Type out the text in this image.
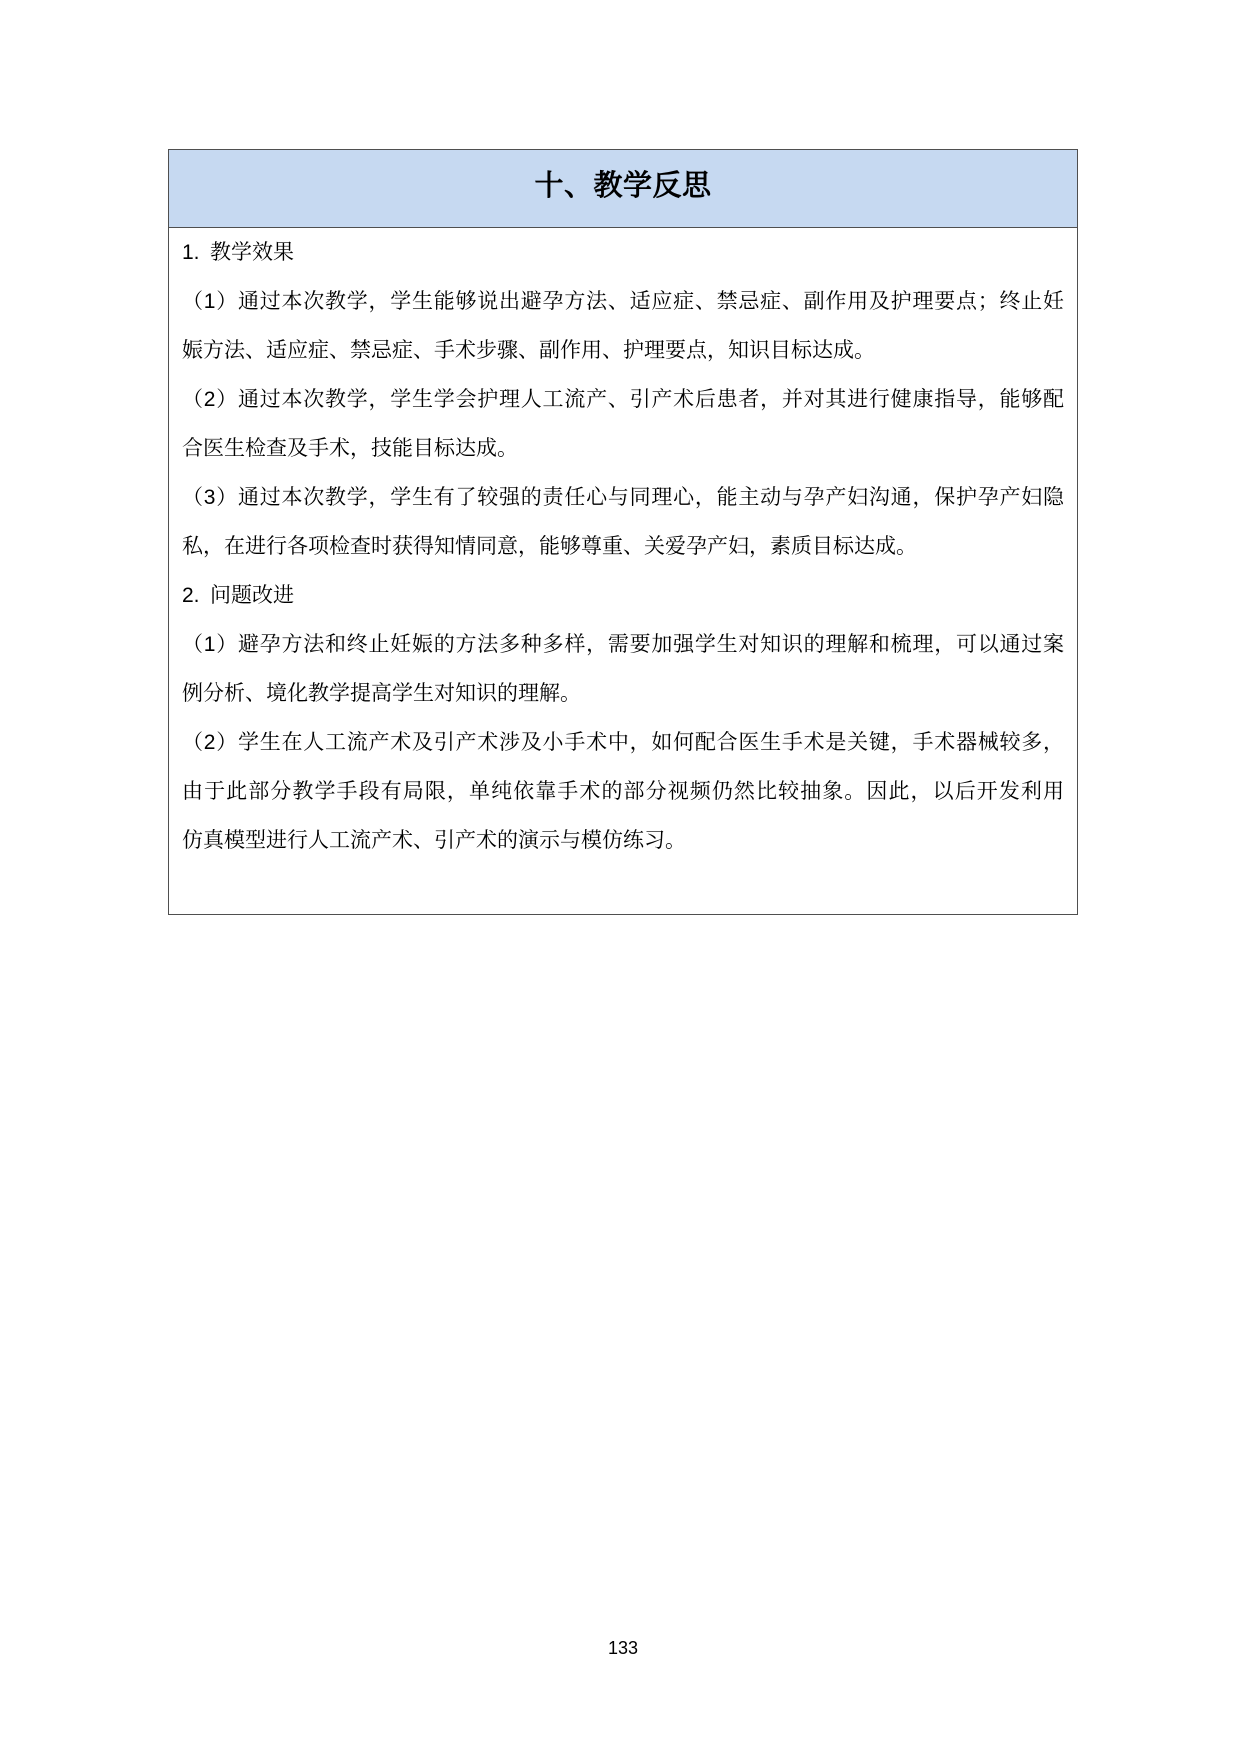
十、教学反思
1. 教学效果
（1）通过本次教学，学生能够说出避孕方法、适应症、禁忌症、副作用及护理要点；终止妊
娠方法、适应症、禁忌症、手术步骤、副作用、护理要点，知识目标达成。
（2）通过本次教学，学生学会护理人工流产、引产术后患者，并对其进行健康指导，能够配
合医生检查及手术，技能目标达成。
（3）通过本次教学，学生有了较强的责任心与同理心，能主动与孕产妇沟通，保护孕产妇隐
私，在进行各项检查时获得知情同意，能够尊重、关爱孕产妇，素质目标达成。
2. 问题改进
（1）避孕方法和终止妊娠的方法多种多样，需要加强学生对知识的理解和梳理，可以通过案
例分析、境化教学提高学生对知识的理解。
（2）学生在人工流产术及引产术涉及小手术中，如何配合医生手术是关键，手术器械较多，
由于此部分教学手段有局限，单纯依靠手术的部分视频仍然比较抽象。因此，以后开发利用
仿真模型进行人工流产术、引产术的演示与模仿练习。
133
